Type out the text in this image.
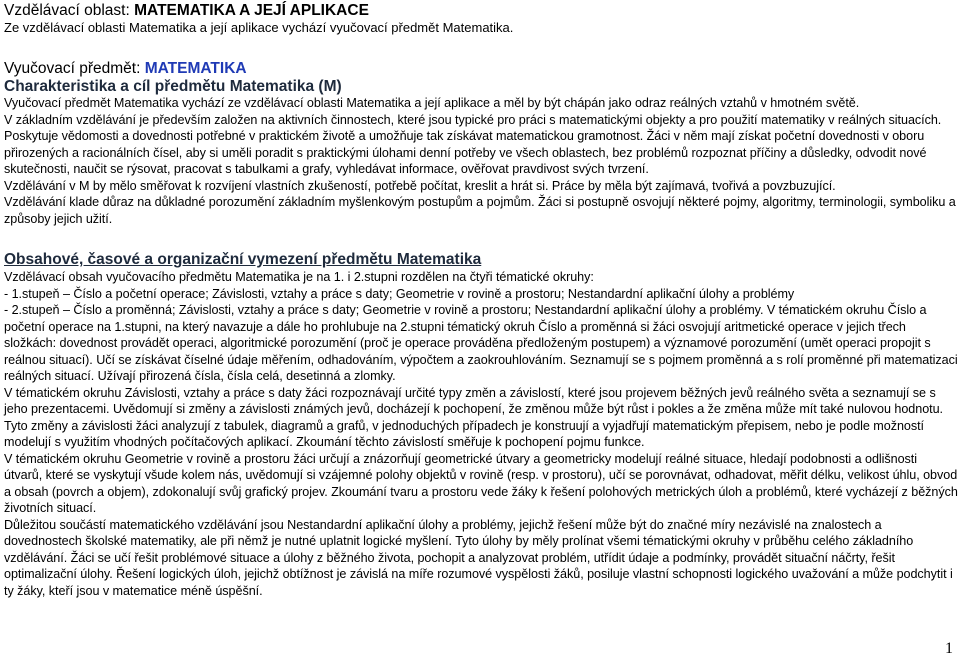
Vzdělávací oblast: MATEMATIKA A JEJÍ APLIKACE

Ze vzdělávací oblasti Matematika a její aplikace vychází vyučovací předmět Matematika.

Vyučovací předmět: MATEMATIKA
Charakteristika a cíl předmětu Matematika (M)

Vyučovací předmět Matematika vychází ze vzdělávací oblasti Matematika a její aplikace a měl by být chápán jako odraz reálných vztahů v hmotném světě.

V základním vzdělávání je především založen na aktivních činnostech, které jsou typické pro práci s matematickými objekty a pro použití matematiky v reálných situacích. Poskytuje vědomosti a dovednosti potřebné v praktickém životě a umožňuje tak získávat matematickou gramotnost. Žáci v něm mají získat početní dovednosti v oboru přirozených a racionálních čísel, aby si uměli poradit s praktickými úlohami denní potřeby ve všech oblastech, bez problémů rozpoznat příčiny a důsledky, odvodit nové skutečnosti, naučit se rýsovat, pracovat s tabulkami a grafy, vyhledávat informace, ověřovat pravdivost svých tvrzení.

Vzdělávání v M by mělo směřovat k rozvíjení vlastních zkušeností, potřebě počítat, kreslit a hrát si. Práce by měla být zajímavá, tvořivá a povzbuzující.

Vzdělávání klade důraz na důkladné porozumění základním myšlenkovým postupům a pojmům. Žáci si postupně osvojují některé pojmy, algoritmy, terminologii, symboliku a způsoby jejich užití.

Obsahové, časové a organizační vymezení předmětu Matematika

Vzdělávací obsah vyučovacího předmětu Matematika je na 1. i 2.stupni rozdělen na čtyři tématické okruhy:

- 1.stupeň – Číslo a početní operace; Závislosti, vztahy a práce s daty; Geometrie v rovině a prostoru; Nestandardní aplikační úlohy a problémy

- 2.stupeň – Číslo a proměnná; Závislosti, vztahy a práce s daty; Geometrie v rovině a prostoru; Nestandardní aplikační úlohy a problémy. V tématickém okruhu Číslo a početní operace na 1.stupni, na který navazuje a dále ho prohlubuje na 2.stupni tématický okruh Číslo a proměnná si žáci osvojují aritmetické operace v jejich třech složkách: dovednost provádět operaci, algoritmické porozumění (proč je operace prováděna předloženým postupem) a významové porozumění (umět operaci propojit s reálnou situací). Učí se získávat číselné údaje měřením, odhadováním, výpočtem a zaokrouhlováním. Seznamují se s pojmem proměnná a s rolí proměnné při matematizaci reálných situací. Užívají přirozená čísla, čísla celá, desetinná a zlomky.

V tématickém okruhu Závislosti, vztahy a práce s daty žáci rozpoznávají určité typy změn a závislostí, které jsou projevem běžných jevů reálného světa a seznamují se s jeho prezentacemi. Uvědomují si změny a závislosti známých jevů, docházejí k pochopení, že změnou může být růst i pokles a že změna může mít také nulovou hodnotu. Tyto změny a závislosti žáci analyzují z tabulek, diagramů a grafů, v jednoduchých případech je konstruují a vyjadřují matematickým přepisem, nebo je podle možností modelují s využitím vhodných počítačových aplikací. Zkoumání těchto závislostí směřuje k pochopení pojmu funkce.

V tématickém okruhu Geometrie v rovině a prostoru žáci určují a znázorňují geometrické útvary a geometricky modelují reálné situace, hledají podobnosti a odlišnosti útvarů, které se vyskytují všude kolem nás, uvědomují si vzájemné polohy objektů v rovině (resp. v prostoru), učí se porovnávat, odhadovat, měřit délku, velikost úhlu, obvod a obsah (povrch a objem), zdokonalují svůj grafický projev. Zkoumání tvaru a prostoru vede žáky k řešení polohových metrických úloh a problémů, které vycházejí z běžných životních situací.

Důležitou součástí matematického vzdělávání jsou Nestandardní aplikační úlohy a problémy, jejichž řešení může být do značné míry nezávislé na znalostech a dovednostech školské matematiky, ale při němž je nutné uplatnit logické myšlení. Tyto úlohy by měly prolínat všemi tématickými okruhy v průběhu celého základního vzdělávání. Žáci se učí řešit problémové situace a úlohy z běžného života, pochopit a analyzovat problém, utřídit údaje a podmínky, provádět situační náčrty, řešit optimalizační úlohy. Řešení logických úloh, jejichž obtížnost je závislá na míře rozumové vyspělosti žáků, posiluje vlastní schopnosti logického uvažování a může podchytit i ty žáky, kteří jsou v matematice méně úspěšní.

1
